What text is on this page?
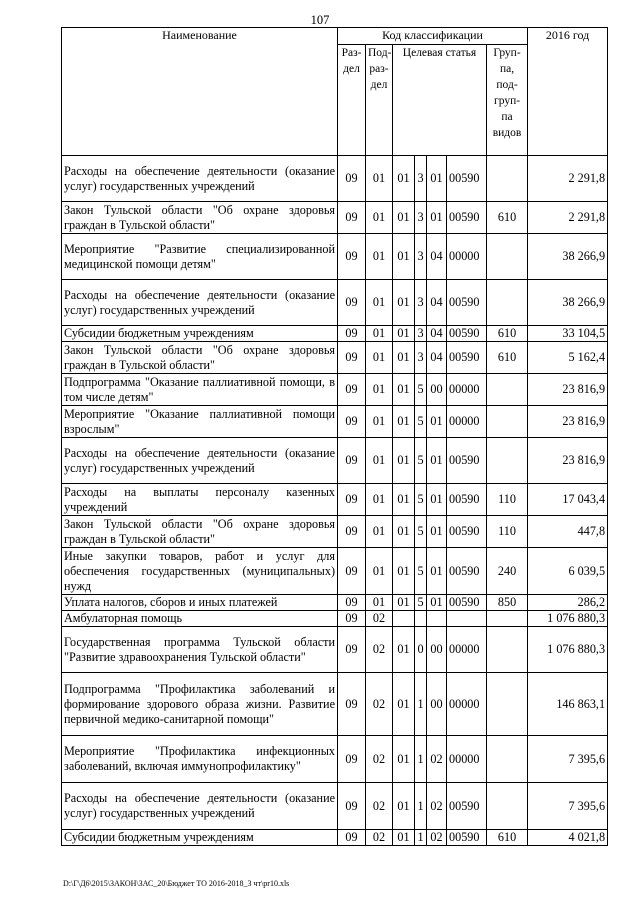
107
Наименование	Код классификации							2016 год
	Раз-дел	Под-раз-дел	Целевая статья				Груп-па, под-груп-па видов	
Расходы на обеспечение деятельности (оказание услуг) государственных учреждений	09	01	01	3	01	00590		2 291,8
Закон Тульской области "Об охране здоровья граждан в Тульской области"	09	01	01	3	01	00590	610	2 291,8
Мероприятие "Развитие специализированной медицинской помощи детям"	09	01	01	3	04	00000		38 266,9
Расходы на обеспечение деятельности (оказание услуг) государственных учреждений	09	01	01	3	04	00590		38 266,9
Субсидии бюджетным учреждениям	09	01	01	3	04	00590	610	33 104,5
Закон Тульской области "Об охране здоровья граждан в Тульской области"	09	01	01	3	04	00590	610	5 162,4
Подпрограмма "Оказание паллиативной помощи, в том числе детям"	09	01	01	5	00	00000		23 816,9
Мероприятие "Оказание паллиативной помощи взрослым"	09	01	01	5	01	00000		23 816,9
Расходы на обеспечение деятельности (оказание услуг) государственных учреждений	09	01	01	5	01	00590		23 816,9
Расходы на выплаты персоналу казенных учреждений	09	01	01	5	01	00590	110	17 043,4
Закон Тульской области "Об охране здоровья граждан в Тульской области"	09	01	01	5	01	00590	110	447,8
Иные закупки товаров, работ и услуг для обеспечения государственных (муниципальных) нужд	09	01	01	5	01	00590	240	6 039,5
Уплата налогов, сборов и иных платежей	09	01	01	5	01	00590	850	286,2
Амбулаторная помощь	09	02						1 076 880,3
Государственная программа Тульской области "Развитие здравоохранения Тульской области"	09	02	01	0	00	00000		1 076 880,3
Подпрограмма "Профилактика заболеваний и формирование здорового образа жизни. Развитие первичной медико-санитарной помощи"	09	02	01	1	00	00000		146 863,1
Мероприятие "Профилактика инфекционных заболеваний, включая иммунопрофилактику"	09	02	01	1	02	00000		7 395,6
Расходы на обеспечение деятельности (оказание услуг) государственных учреждений	09	02	01	1	02	00590		7 395,6
Субсидии бюджетным учреждениям	09	02	01	1	02	00590	610	4 021,8
D:\Г\Д6\2015\ЗАКОН\ЗАС_20\Бюджет ТО 2016-2018_3 чт\pr10.xls
